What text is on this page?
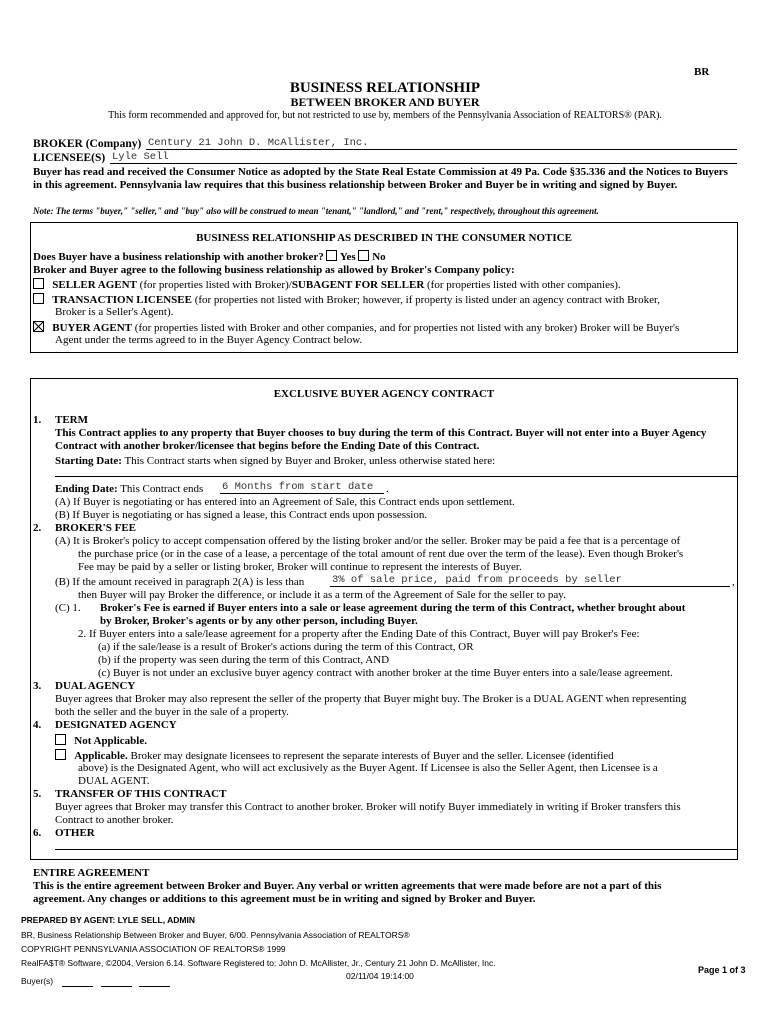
BR
BUSINESS RELATIONSHIP
BETWEEN BROKER AND BUYER
This form recommended and approved for, but not restricted to use by, members of the Pennsylvania Association of REALTORS® (PAR).
BROKER (Company) Century 21 John D. McAllister, Inc.
LICENSEE(S) Lyle Sell
Buyer has read and received the Consumer Notice as adopted by the State Real Estate Commission at 49 Pa. Code §35.336 and the Notices to Buyers in this agreement. Pennsylvania law requires that this business relationship between Broker and Buyer be in writing and signed by Buyer.
Note: The terms "buyer," "seller," and "buy" also will be construed to mean "tenant," "landlord," and "rent," respectively, throughout this agreement.
BUSINESS RELATIONSHIP AS DESCRIBED IN THE CONSUMER NOTICE
Does Buyer have a business relationship with another broker? Yes No
Broker and Buyer agree to the following business relationship as allowed by Broker's Company policy:
SELLER AGENT (for properties listed with Broker)/SUBAGENT FOR SELLER (for properties listed with other companies).
TRANSACTION LICENSEE (for properties not listed with Broker; however, if property is listed under an agency contract with Broker,
Broker is a Seller's Agent).
BUYER AGENT (for properties listed with Broker and other companies, and for properties not listed with any broker) Broker will be Buyer's
Agent under the terms agreed to in the Buyer Agency Contract below.
EXCLUSIVE BUYER AGENCY CONTRACT
1. TERM
This Contract applies to any property that Buyer chooses to buy during the term of this Contract. Buyer will not enter into a Buyer Agency Contract with another broker/licensee that begins before the Ending Date of this Contract.
Starting Date: This Contract starts when signed by Buyer and Broker, unless otherwise stated here:
Ending Date: This Contract ends 6 Months from start date .
(A) If Buyer is negotiating or has entered into an Agreement of Sale, this Contract ends upon settlement.
(B) If Buyer is negotiating or has signed a lease, this Contract ends upon possession.
2. BROKER'S FEE
(A) It is Broker's policy to accept compensation offered by the listing broker and/or the seller. Broker may be paid a fee that is a percentage of
the purchase price (or in the case of a lease, a percentage of the total amount of rent due over the term of the lease). Even though Broker's
Fee may be paid by a seller or listing broker, Broker will continue to represent the interests of Buyer.
(B) If the amount received in paragraph 2(A) is less than	3% of sale price, paid from proceeds by seller	,
then Buyer will pay Broker the difference, or include it as a term of the Agreement of Sale for the seller to pay.
(C) 1. Broker's Fee is earned if Buyer enters into a sale or lease agreement during the term of this Contract, whether brought about
by Broker, Broker's agents or by any other person, including Buyer.
2. If Buyer enters into a sale/lease agreement for a property after the Ending Date of this Contract, Buyer will pay Broker's Fee:
(a) if the sale/lease is a result of Broker's actions during the term of this Contract, OR
(b) if the property was seen during the term of this Contract, AND
(c) Buyer is not under an exclusive buyer agency contract with another broker at the time Buyer enters into a sale/lease agreement.
3. DUAL AGENCY
Buyer agrees that Broker may also represent the seller of the property that Buyer might buy. The Broker is a DUAL AGENT when representing
both the seller and the buyer in the sale of a property.
4. DESIGNATED AGENCY
Not Applicable.
Applicable. Broker may designate licensees to represent the separate interests of Buyer and the seller. Licensee (identified
above) is the Designated Agent, who will act exclusively as the Buyer Agent. If Licensee is also the Seller Agent, then Licensee is a
DUAL AGENT.
5. TRANSFER OF THIS CONTRACT
Buyer agrees that Broker may transfer this Contract to another broker. Broker will notify Buyer immediately in writing if Broker transfers this
Contract to another broker.
6. OTHER
ENTIRE AGREEMENT
This is the entire agreement between Broker and Buyer. Any verbal or written agreements that were made before are not a part of this
agreement. Any changes or additions to this agreement must be in writing and signed by Broker and Buyer.
PREPARED BY AGENT: LYLE SELL, ADMIN
BR, Business Relationship Between Broker and Buyer, 6/00. Pennsylvania Association of REALTORS®
COPYRIGHT PENNSYLVANIA ASSOCIATION OF REALTORS® 1999
RealFA$T® Software, ©2004, Version 6.14. Software Registered to: John D. McAllister, Jr., Century 21 John D. McAllister, Inc.
02/11/04 19:14:00
Page 1 of 3
Buyer(s)
